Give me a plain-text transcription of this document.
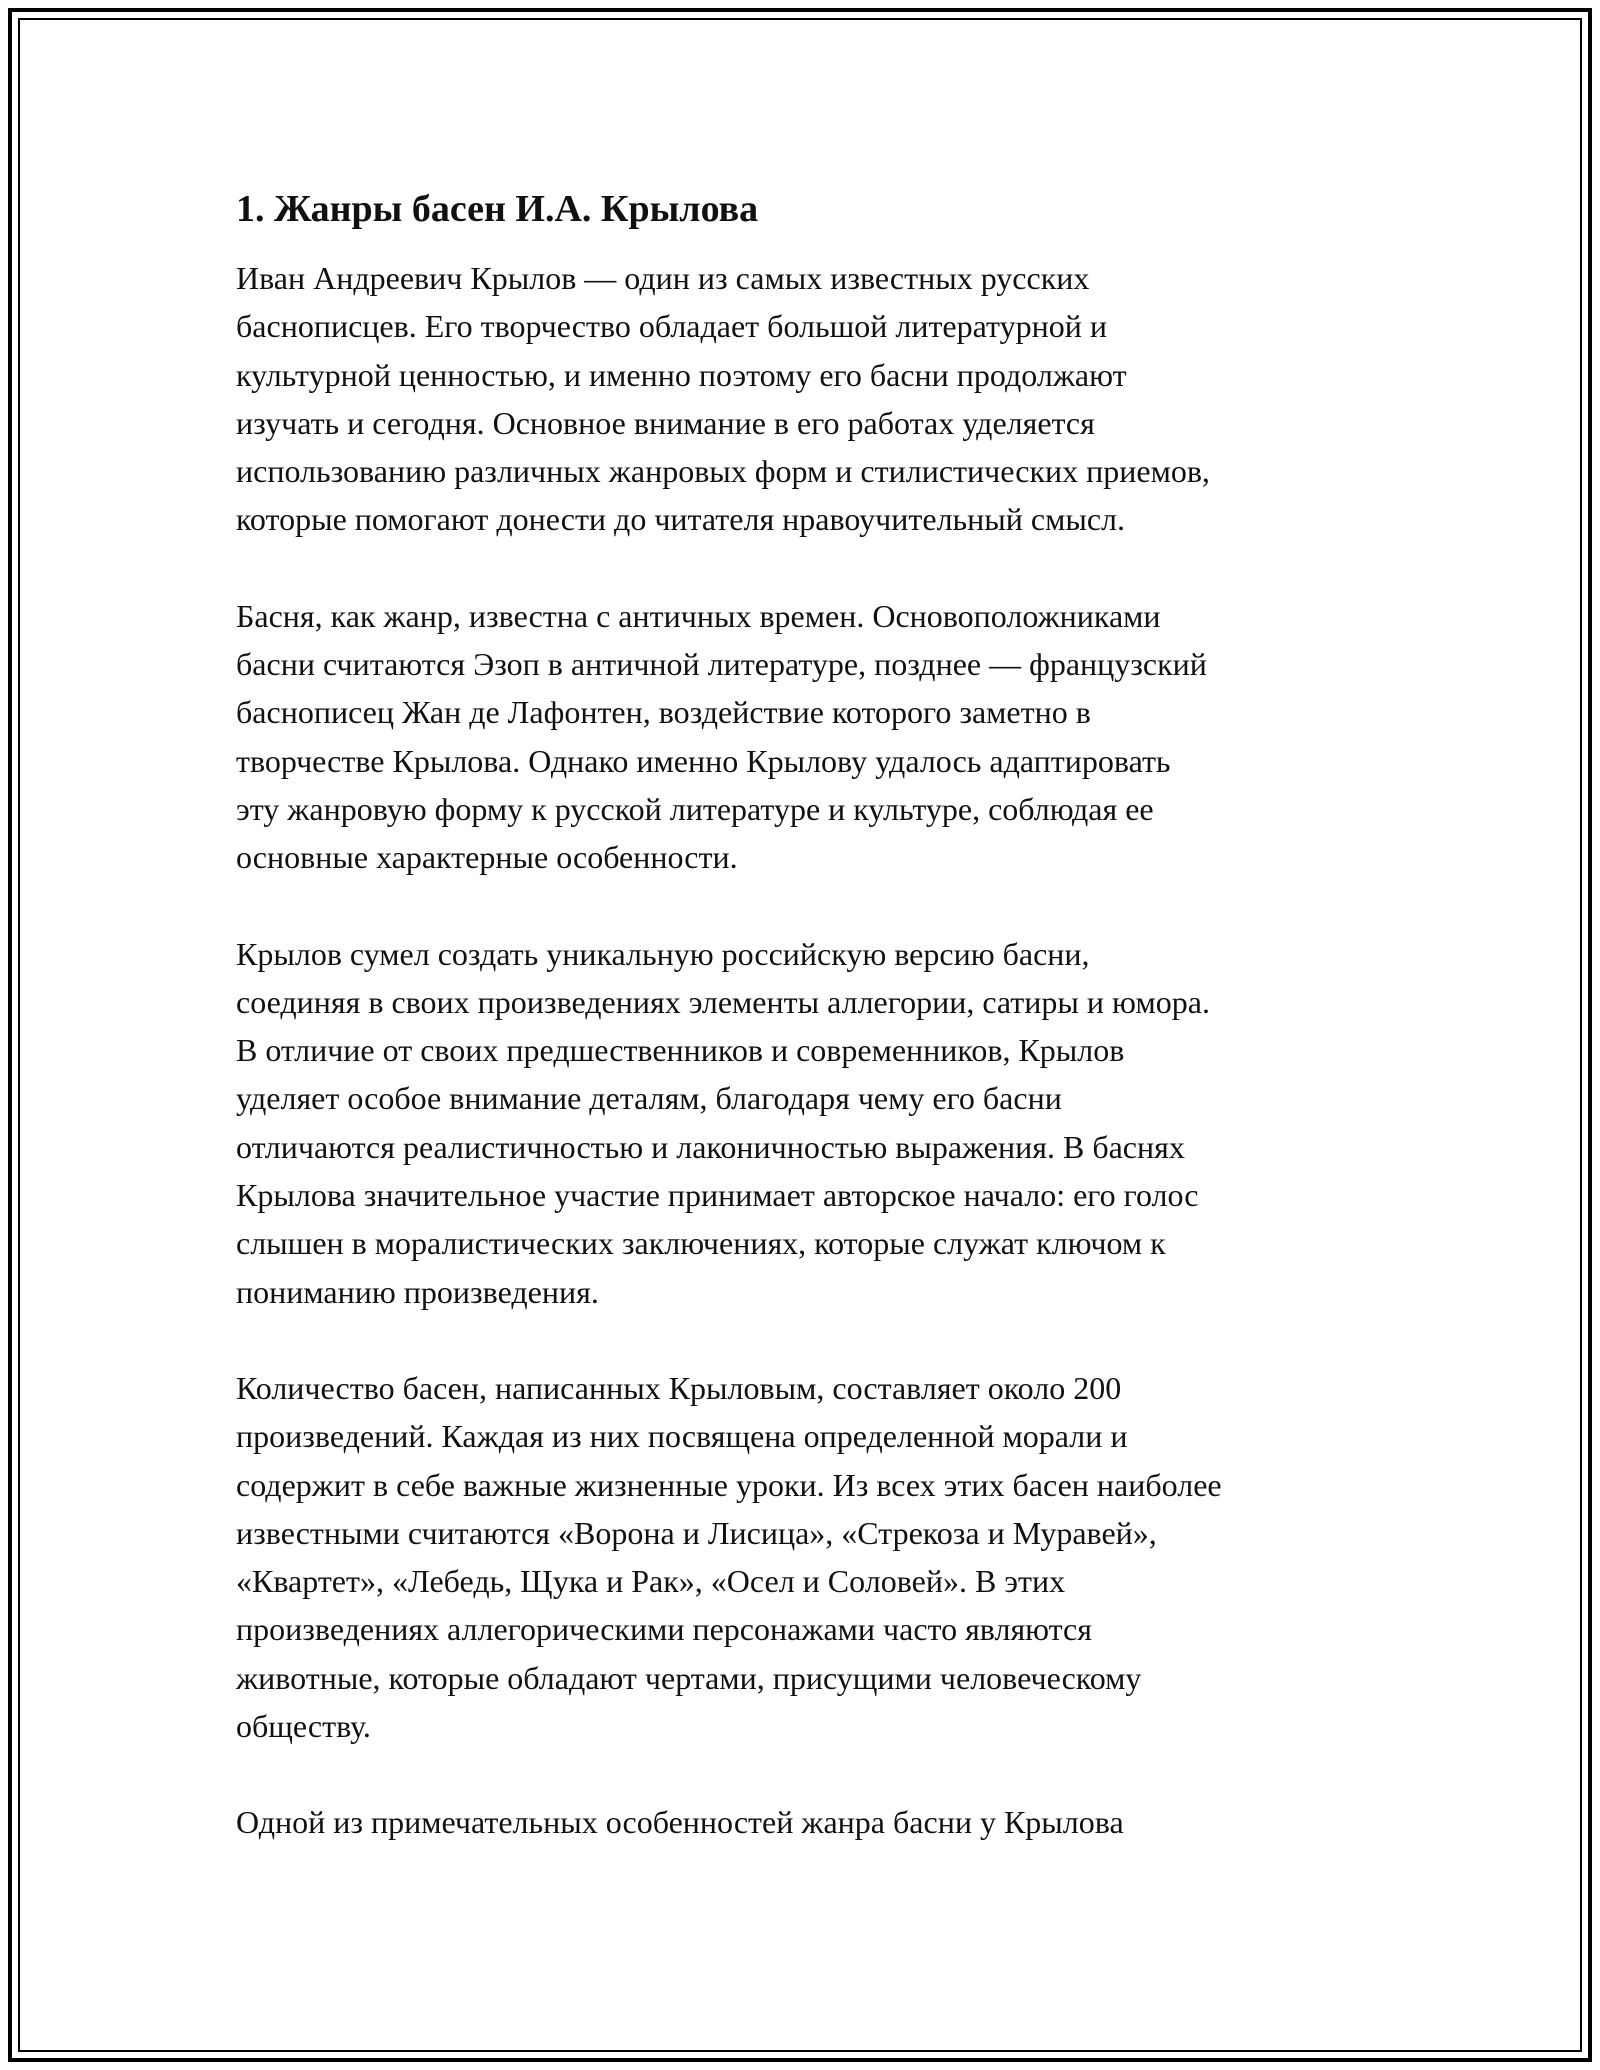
1. Жанры басен И.А. Крылова

Иван Андреевич Крылов — один из самых известных русских
баснописцев. Его творчество обладает большой литературной и
культурной ценностью, и именно поэтому его басни продолжают
изучать и сегодня. Основное внимание в его работах уделяется
использованию различных жанровых форм и стилистических приемов,
которые помогают донести до читателя нравоучительный смысл.

Басня, как жанр, известна с античных времен. Основоположниками
басни считаются Эзоп в античной литературе, позднее — французский
баснописец Жан де Лафонтен, воздействие которого заметно в
творчестве Крылова. Однако именно Крылову удалось адаптировать
эту жанровую форму к русской литературе и культуре, соблюдая ее
основные характерные особенности.

Крылов сумел создать уникальную российскую версию басни,
соединяя в своих произведениях элементы аллегории, сатиры и юмора.
В отличие от своих предшественников и современников, Крылов
уделяет особое внимание деталям, благодаря чему его басни
отличаются реалистичностью и лаконичностью выражения. В баснях
Крылова значительное участие принимает авторское начало: его голос
слышен в моралистических заключениях, которые служат ключом к
пониманию произведения.

Количество басен, написанных Крыловым, составляет около 200
произведений. Каждая из них посвящена определенной морали и
содержит в себе важные жизненные уроки. Из всех этих басен наиболее
известными считаются «Ворона и Лисица», «Стрекоза и Муравей»,
«Квартет», «Лебедь, Щука и Рак», «Осел и Соловей». В этих
произведениях аллегорическими персонажами часто являются
животные, которые обладают чертами, присущими человеческому
обществу.

Одной из примечательных особенностей жанра басни у Крылова
